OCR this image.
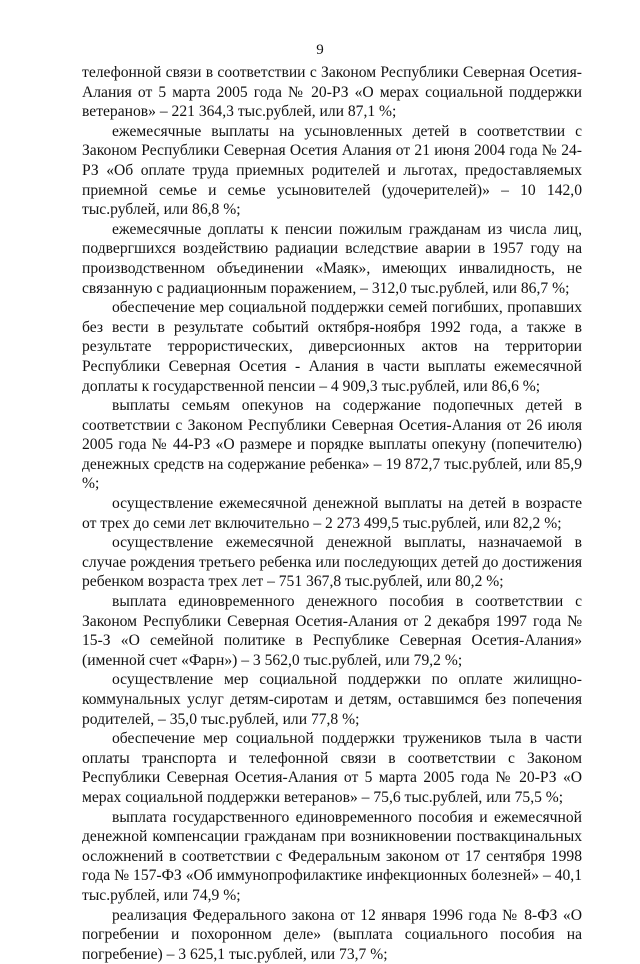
9

телефонной связи в соответствии с Законом Республики Северная Осетия-Алания от 5 марта 2005 года № 20-РЗ «О мерах социальной поддержки ветеранов» – 221 364,3 тыс.рублей, или 87,1 %;

ежемесячные выплаты на усыновленных детей в соответствии с Законом Республики Северная Осетия Алания от 21 июня 2004 года № 24-РЗ «Об оплате труда приемных родителей и льготах, предоставляемых приемной семье и семье усыновителей (удочерителей)» – 10 142,0 тыс.рублей, или 86,8 %;

ежемесячные доплаты к пенсии пожилым гражданам из числа лиц, подвергшихся воздействию радиации вследствие аварии в 1957 году на производственном объединении «Маяк», имеющих инвалидность, не связанную с радиационным поражением, – 312,0 тыс.рублей, или 86,7 %;

обеспечение мер социальной поддержки семей погибших, пропавших без вести в результате событий октября-ноября 1992 года, а также в результате террористических, диверсионных актов на территории Республики Северная Осетия - Алания в части выплаты ежемесячной доплаты к государственной пенсии – 4 909,3 тыс.рублей, или 86,6 %;

выплаты семьям опекунов на содержание подопечных детей в соответствии с Законом Республики Северная Осетия-Алания от 26 июля 2005 года № 44-РЗ «О размере и порядке выплаты опекуну (попечителю) денежных средств на содержание ребенка» – 19 872,7 тыс.рублей, или 85,9 %;

осуществление ежемесячной денежной выплаты на детей в возрасте от трех до семи лет включительно – 2 273 499,5 тыс.рублей, или 82,2 %;

осуществление ежемесячной денежной выплаты, назначаемой в случае рождения третьего ребенка или последующих детей до достижения ребенком возраста трех лет – 751 367,8 тыс.рублей, или 80,2 %;

выплата единовременного денежного пособия в соответствии с Законом Республики Северная Осетия-Алания от 2 декабря 1997 года № 15-З «О семейной политике в Республике Северная Осетия-Алания» (именной счет «Фарн») – 3 562,0 тыс.рублей, или 79,2 %;

осуществление мер социальной поддержки по оплате жилищно-коммунальных услуг детям-сиротам и детям, оставшимся без попечения родителей, – 35,0 тыс.рублей, или 77,8 %;

обеспечение мер социальной поддержки тружеников тыла в части оплаты транспорта и телефонной связи в соответствии с Законом Республики Северная Осетия-Алания от 5 марта 2005 года № 20-РЗ «О мерах социальной поддержки ветеранов» – 75,6 тыс.рублей, или 75,5 %;

выплата государственного единовременного пособия и ежемесячной денежной компенсации гражданам при возникновении поствакцинальных осложнений в соответствии с Федеральным законом от 17 сентября 1998 года № 157-ФЗ «Об иммунопрофилактике инфекционных болезней» – 40,1 тыс.рублей, или 74,9 %;

реализация Федерального закона от 12 января 1996 года № 8-ФЗ «О погребении и похоронном деле» (выплата социального пособия на погребение) – 3 625,1 тыс.рублей, или 73,7 %;
